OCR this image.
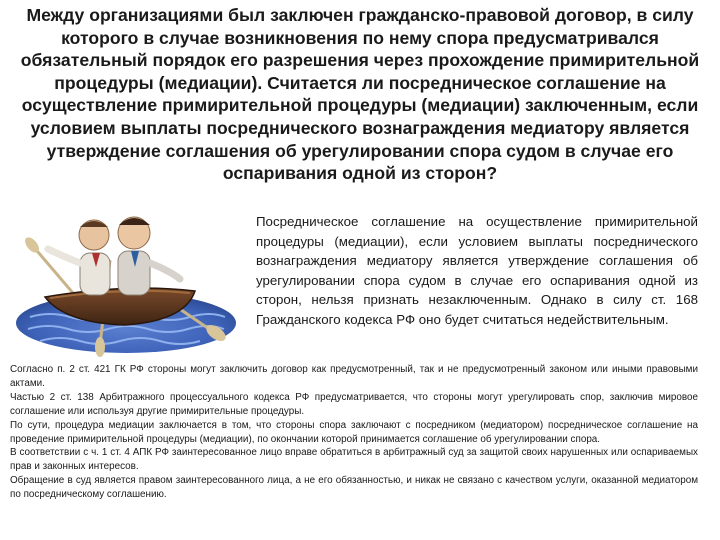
Между организациями был заключен гражданско-правовой договор, в силу которого в случае возникновения по нему спора предусматривался обязательный порядок его разрешения через прохождение примирительной процедуры (медиации). Считается ли посредническое соглашение на осуществление примирительной процедуры (медиации) заключенным, если условием выплаты посреднического вознаграждения медиатору является утверждение соглашения об урегулировании спора судом в случае его оспаривания одной из сторон?

Посредническое соглашение на осуществление примирительной процедуры (медиации), если условием выплаты посреднического вознаграждения медиатору является утверждение соглашения об урегулировании спора судом в случае его оспаривания одной из сторон, нельзя признать незаключенным. Однако в силу ст. 168 Гражданского кодекса РФ оно будет считаться недействительным.

Согласно п. 2 ст. 421 ГК РФ стороны могут заключить договор как предусмотренный, так и не предусмотренный законом или иными правовыми актами.

Частью 2 ст. 138 Арбитражного процессуального кодекса РФ предусматривается, что стороны могут урегулировать спор, заключив мировое соглашение или используя другие примирительные процедуры.

По сути, процедура медиации заключается в том, что стороны спора заключают с посредником (медиатором) посредническое соглашение на проведение примирительной процедуры (медиации), по окончании которой принимается соглашение об урегулировании спора.

В соответствии с ч. 1 ст. 4 АПК РФ заинтересованное лицо вправе обратиться в арбитражный суд за защитой своих нарушенных или оспариваемых прав и законных интересов.

Обращение в суд является правом заинтересованного лица, а не его обязанностью, и никак не связано с качеством услуги, оказанной медиатором по посредническому соглашению.
